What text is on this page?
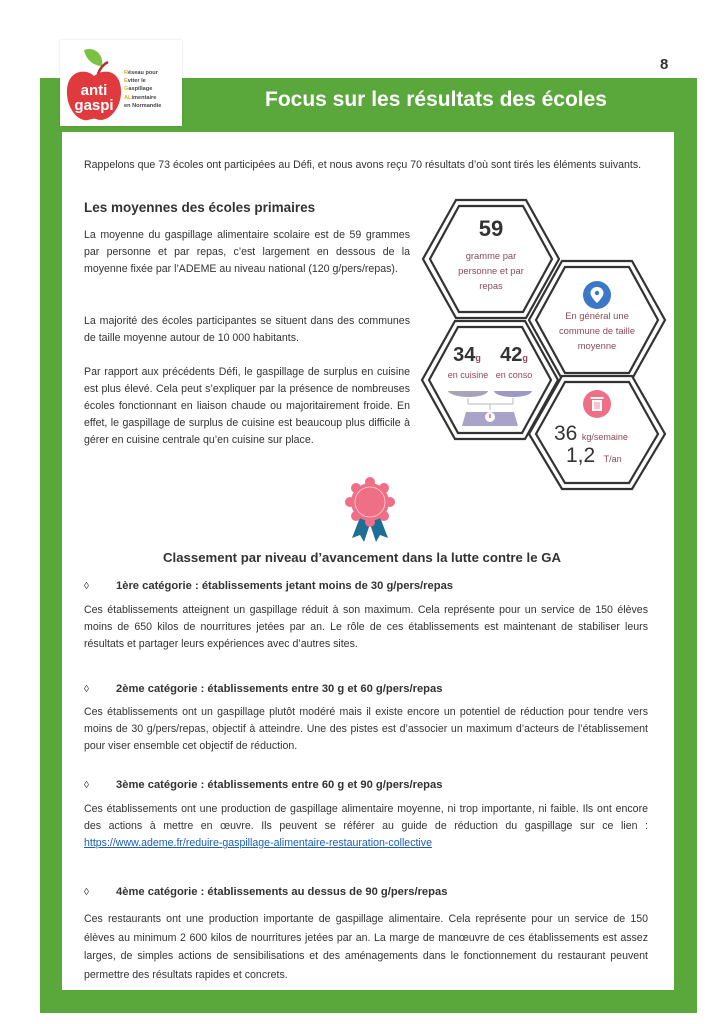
anti
gaspi
Réseau pour
Eviter le
Gaspillage
ALimentaire
en Normandie
8
Focus sur les résultats des écoles
Rappelons que 73 écoles ont participées au Défi, et nous avons reçu 70 résultats d’où sont tirés les éléments suivants.
Les moyennes des écoles primaires
La moyenne du gaspillage alimentaire scolaire est de 59 grammes par personne et par repas, c’est largement en dessous de la moyenne fixée par l’ADEME au niveau national (120 g/pers/repas).
La majorité des écoles participantes se situent dans des communes de taille moyenne autour de 10 000 habitants.
Par rapport aux précédents Défi, le gaspillage de surplus en cuisine est plus élevé. Cela peut s’expliquer par la présence de nombreuses écoles fonctionnant en liaison chaude ou majoritairement froide. En effet, le gaspillage de surplus de cuisine est beaucoup plus difficile à gérer en cuisine centrale qu’en cuisine sur place.
59
gramme par personne et par repas
En général une commune de taille moyenne
34g 42g
en cuisine en conso
36 kg/semaine
1,2 T/an
Classement par niveau d’avancement dans la lutte contre le GA
◊ 1ère catégorie : établissements jetant moins de 30 g/pers/repas
Ces établissements atteignent un gaspillage réduit à son maximum. Cela représente pour un service de 150 élèves moins de 650 kilos de nourritures jetées par an. Le rôle de ces établissements est maintenant de stabiliser leurs résultats et partager leurs expériences avec d’autres sites.
◊ 2ème catégorie : établissements entre 30 g et 60 g/pers/repas
Ces établissements ont un gaspillage plutôt modéré mais il existe encore un potentiel de réduction pour tendre vers moins de 30 g/pers/repas, objectif à atteindre. Une des pistes est d’associer un maximum d’acteurs de l’établissement pour viser ensemble cet objectif de réduction.
◊ 3ème catégorie : établissements entre 60 g et 90 g/pers/repas
Ces établissements ont une production de gaspillage alimentaire moyenne, ni trop importante, ni faible. Ils ont encore des actions à mettre en œuvre. Ils peuvent se référer au guide de réduction du gaspillage sur ce lien : https://www.ademe.fr/reduire-gaspillage-alimentaire-restauration-collective
◊ 4ème catégorie : établissements au dessus de 90 g/pers/repas
Ces restaurants ont une production importante de gaspillage alimentaire. Cela représente pour un service de 150 élèves au minimum 2 600 kilos de nourritures jetées par an. La marge de manœuvre de ces établissements est assez larges, de simples actions de sensibilisations et des aménagements dans le fonctionnement du restaurant peuvent permettre des résultats rapides et concrets.
